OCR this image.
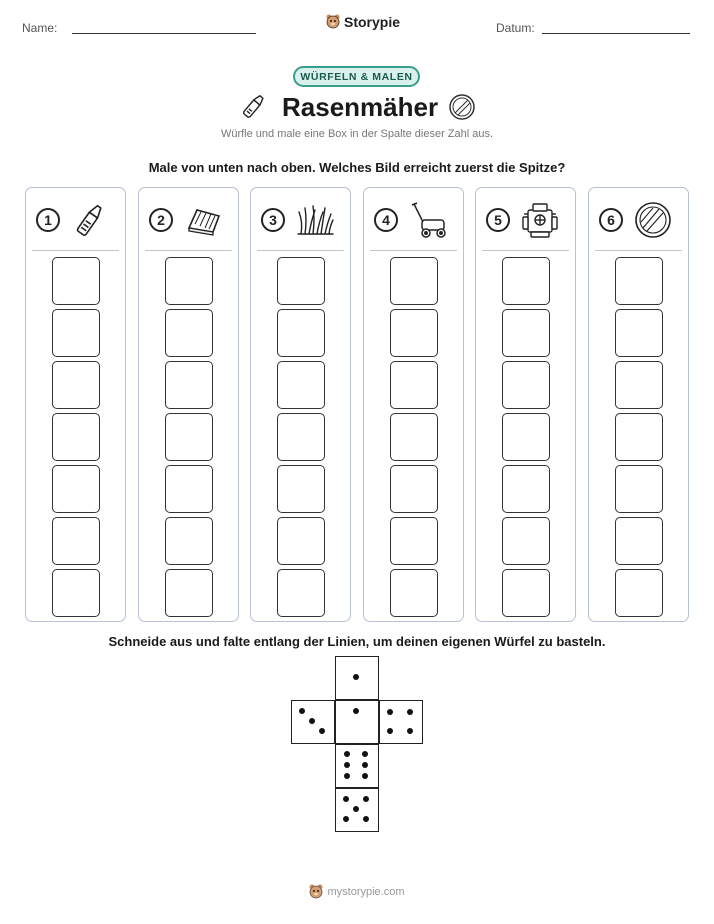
Name:	Storypie	Datum:
WÜRFELN & MALEN
Rasenmäher
Würfle und male eine Box in der Spalte dieser Zahl aus.
Male von unten nach oben. Welches Bild erreicht zuerst die Spitze?
1	2	3	4	5	6
Schneide aus und falte entlang der Linien, um deinen eigenen Würfel zu basteln.
mystorypie.com
